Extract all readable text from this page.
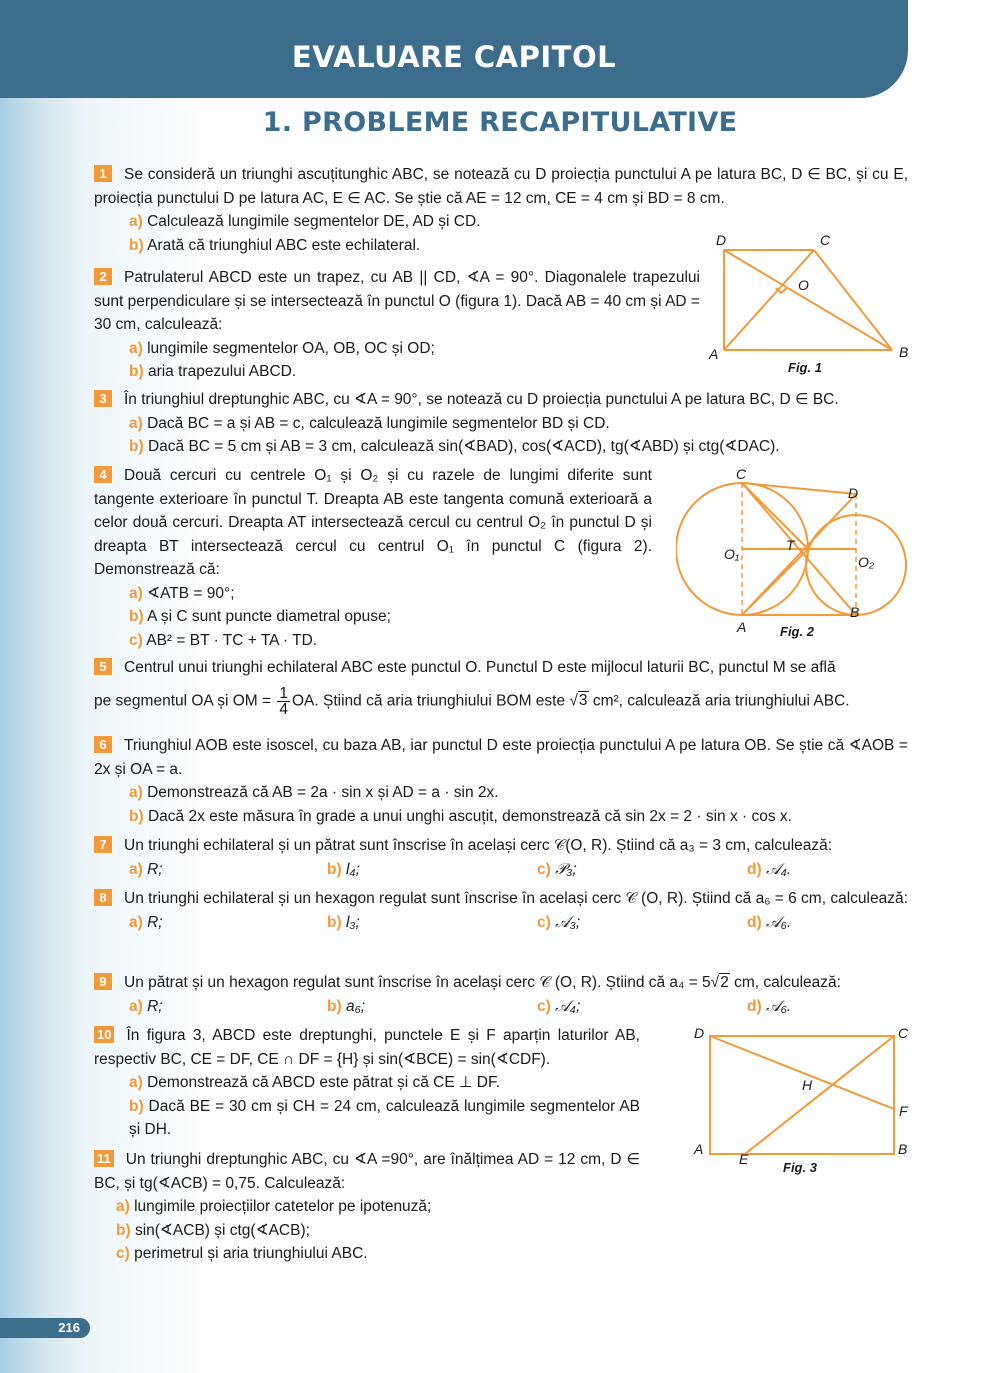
EVALUARE CAPITOL
1. PROBLEME RECAPITULATIVE
1 Se consideră un triunghi ascuțitunghic ABC, se notează cu D proiecția punctului A pe latura BC, D ∈ BC, și cu E, proiecția punctului D pe latura AC, E ∈ AC. Se știe că AE = 12 cm, CE = 4 cm și BD = 8 cm.
a) Calculează lungimile segmentelor DE, AD și CD.
b) Arată că triunghiul ABC este echilateral.
2 Patrulaterul ABCD este un trapez, cu AB || CD, ∢A = 90°. Diagonalele trapezului sunt perpendiculare și se intersectează în punctul O (figura 1). Dacă AB = 40 cm și AD = 30 cm, calculează:
a) lungimile segmentelor OA, OB, OC și OD;
b) aria trapezului ABCD.
D	C
O
A	B
Fig. 1
3 În triunghiul dreptunghic ABC, cu ∢A = 90°, se notează cu D proiecția punctului A pe latura BC, D ∈ BC.
a) Dacă BC = a și AB = c, calculează lungimile segmentelor BD și CD.
b) Dacă BC = 5 cm și AB = 3 cm, calculează sin(∢BAD), cos(∢ACD), tg(∢ABD) și ctg(∢DAC).
4 Două cercuri cu centrele O₁ și O₂ și cu razele de lungimi diferite sunt tangente exterioare în punctul T. Dreapta AB este tangenta comună exterioară a celor două cercuri. Dreapta AT intersectează cercul cu centrul O₂ în punctul D și dreapta BT intersectează cercul cu centrul O₁ în punctul C (figura 2). Demonstrează că:
a) ∢ATB = 90°;
b) A și C sunt puncte diametral opuse;
c) AB² = BT · TC + TA · TD.
C
D
T
O₁	O₂
B
A	Fig. 2
5 Centrul unui triunghi echilateral ABC este punctul O. Punctul D este mijlocul laturii BC, punctul M se află
pe segmentul OA și OM = $\frac{1}{4}$ OA. Știind că aria triunghiului BOM este √3 cm², calculează aria triunghiului ABC.
6 Triunghiul AOB este isoscel, cu baza AB, iar punctul D este proiecția punctului A pe latura OB. Se știe că ∢AOB = 2x și OA = a.
a) Demonstrează că AB = 2a · sin x și AD = a · sin 2x.
b) Dacă 2x este măsura în grade a unui unghi ascuțit, demonstrează că sin 2x = 2 · sin x · cos x.
7 Un triunghi echilateral și un pătrat sunt înscrise în același cerc 𝒞(O, R). Știind că a₃ = 3 cm, calculează:
a) R;	b) l₄;	c) 𝒫₃;	d) 𝒜₄.
8 Un triunghi echilateral și un hexagon regulat sunt înscrise în același cerc 𝒞 (O, R). Știind că a₆ = 6 cm, calculează:
a) R;	b) l₃;	c) 𝒜₃;	d) 𝒜₆.
9 Un pătrat și un hexagon regulat sunt înscrise în același cerc 𝒞 (O, R). Știind că a₄ = 5√2 cm, calculează:
a) R;	b) a₆;	c) 𝒜₄;	d) 𝒜₆.
10 În figura 3, ABCD este dreptunghi, punctele E și F aparțin laturilor AB, respectiv BC, CE = DF, CE ∩ DF = {H} și sin(∢BCE) = sin(∢CDF).
a) Demonstrează că ABCD este pătrat și că CE ⊥ DF.
b) Dacă BE = 30 cm și CH = 24 cm, calculează lungimile segmentelor AB și DH.
D	C
H
F
A	B
E
Fig. 3
11 Un triunghi dreptunghic ABC, cu ∢A =90°, are înălțimea AD = 12 cm, D ∈ BC, și tg(∢ACB) = 0,75. Calculează:
a) lungimile proiecțiilor catetelor pe ipotenuză;
b) sin(∢ACB) și ctg(∢ACB);
c) perimetrul și aria triunghiului ABC.
216
